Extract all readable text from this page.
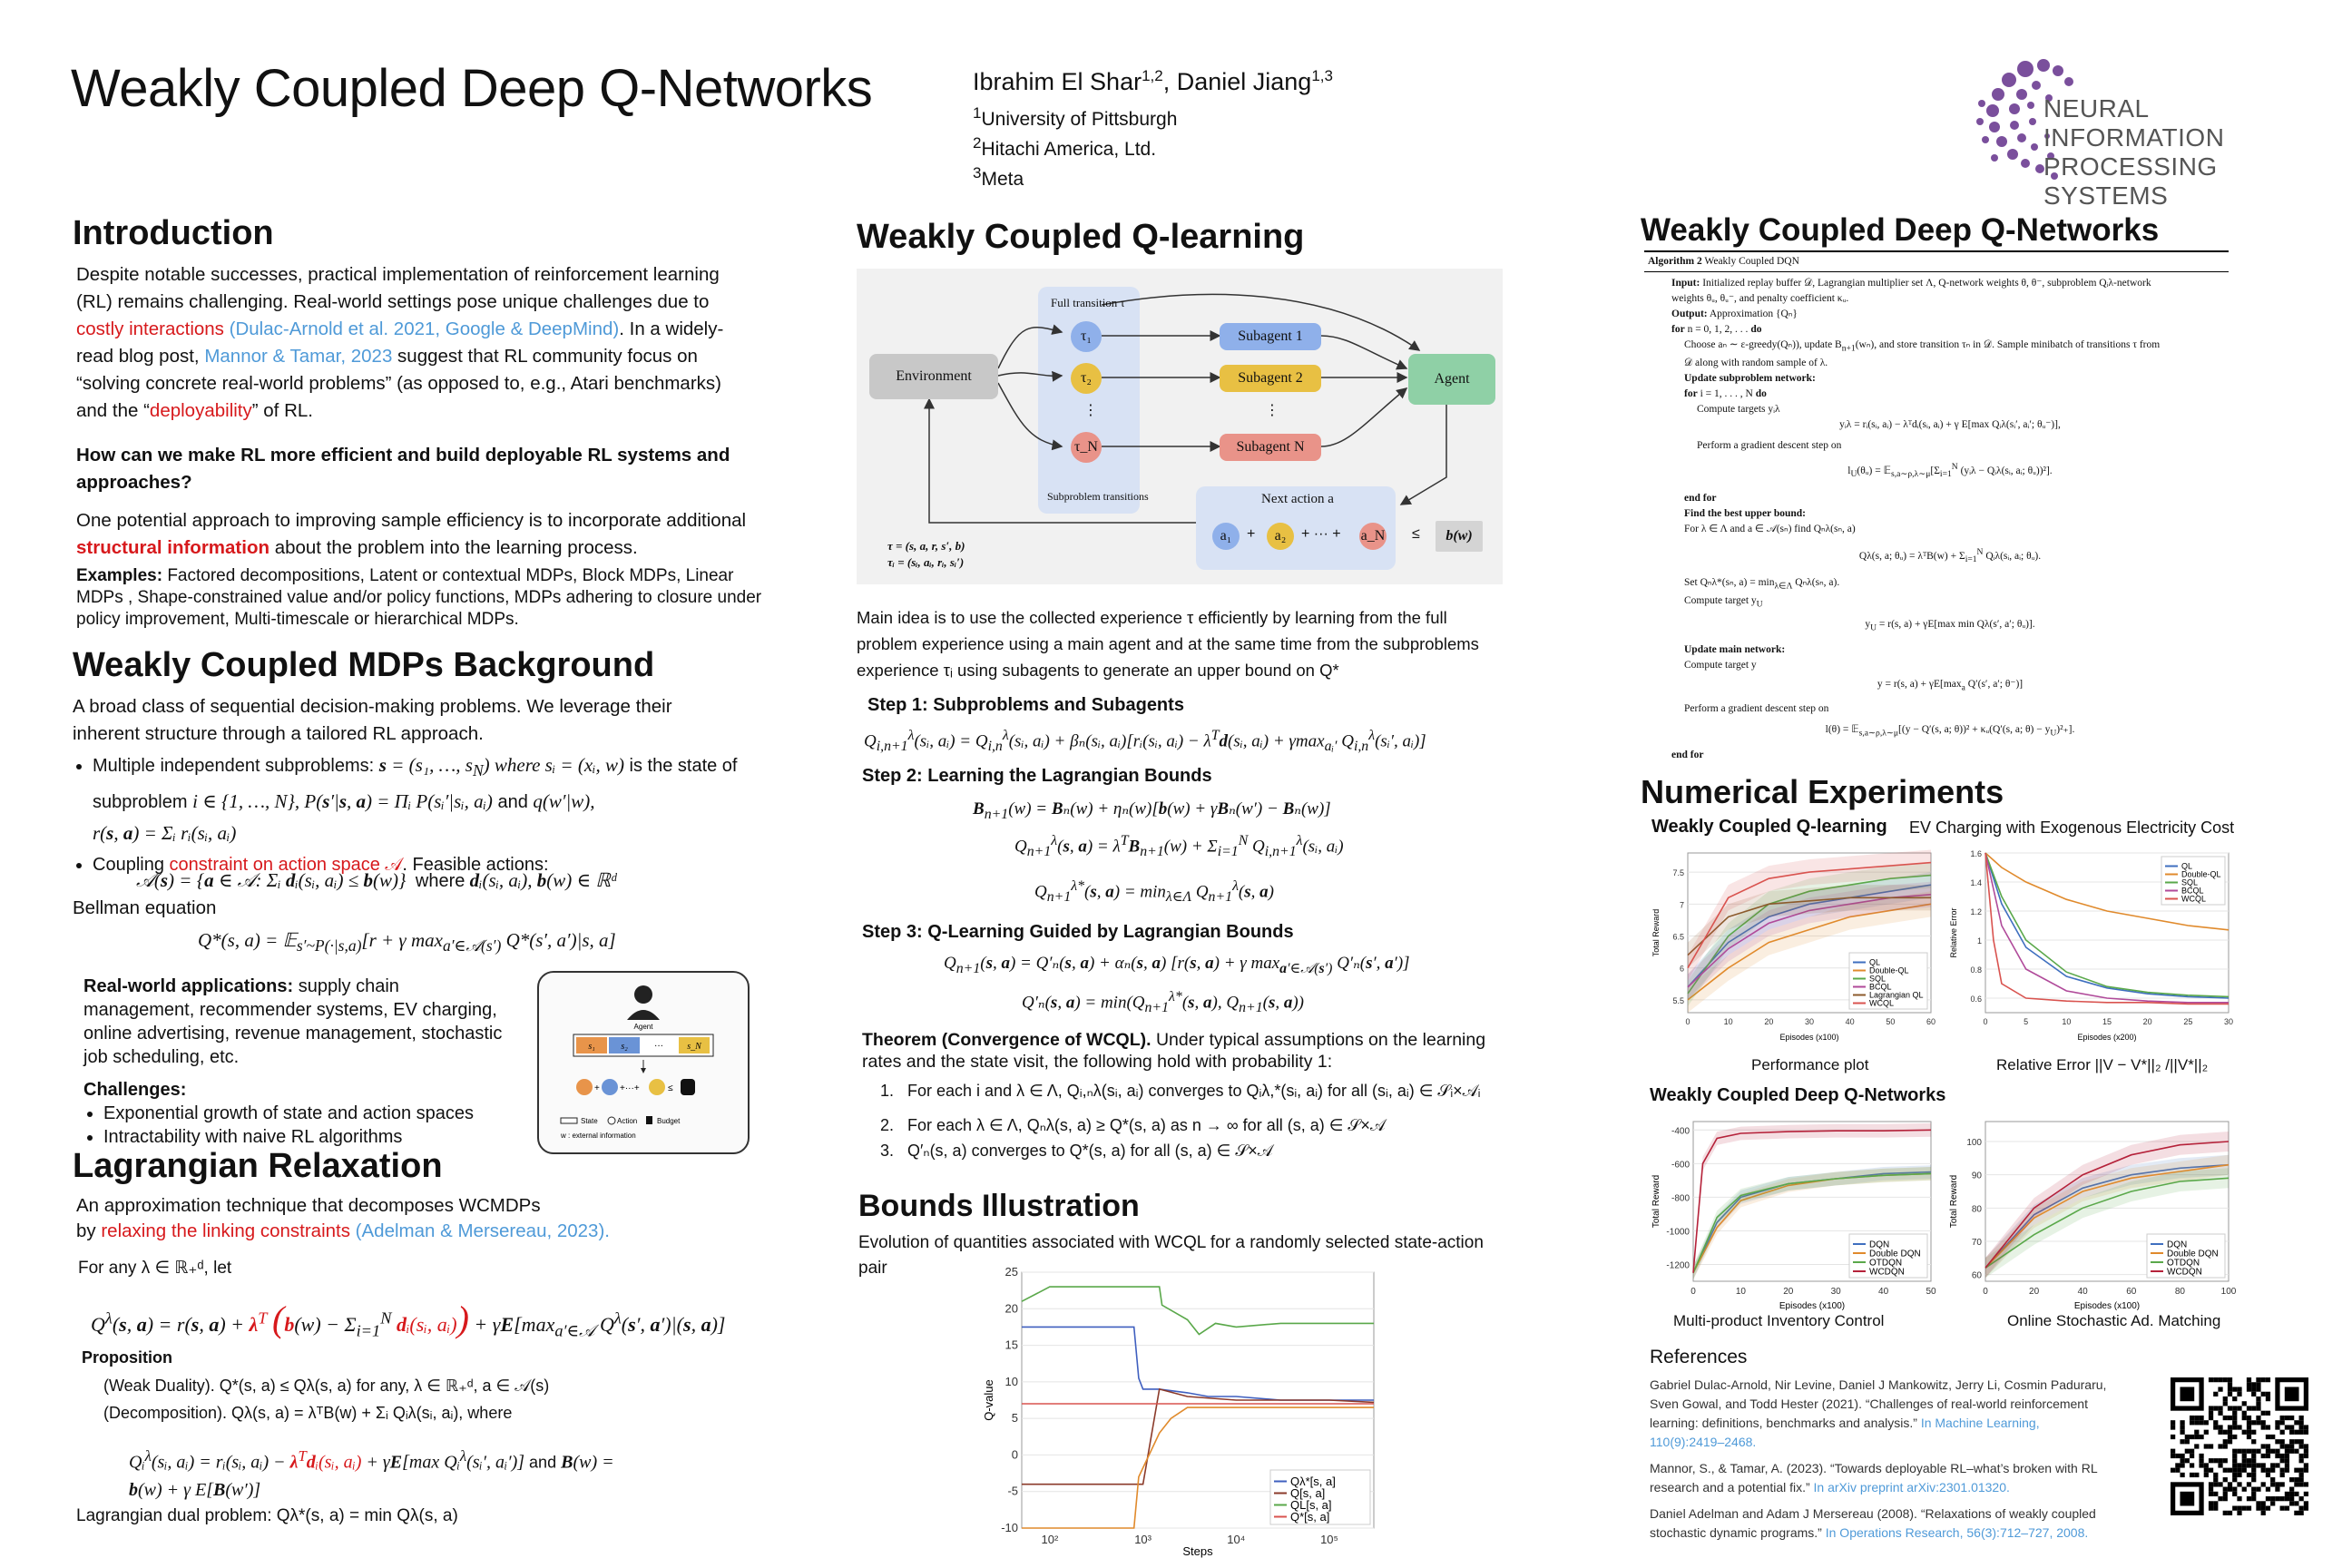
Weakly Coupled Deep Q-Networks	Ibrahim El Shar$^{1,2}$, Daniel Jiang$^{1,3}$
$^1$University of Pittsburgh
$^2$Hitachi America, Ltd.
$^3$Meta
NEURAL INFORMATION
PROCESSING SYSTEMS
Introduction
Despite notable successes, practical implementation of reinforcement learning (RL) remains challenging. Real-world settings pose unique challenges due to costly interactions (Dulac-Arnold et al. 2021, Google & DeepMind). In a widely-read blog post, Mannor & Tamar, 2023 suggest that RL community focus on “solving concrete real-world problems” (as opposed to, e.g., Atari benchmarks) and the “deployability” of RL.
How can we make RL more efficient and build deployable RL systems and approaches?
One potential approach to improving sample efficiency is to incorporate additional structural information about the problem into the learning process.
Examples: Factored decompositions, Latent or contextual MDPs, Block MDPs, Linear MDPs , Shape-constrained value and/or policy functions, MDPs adhering to closure under policy improvement, Multi-timescale or hierarchical MDPs.
Weakly Coupled MDPs Background
A broad class of sequential decision-making problems. We leverage their inherent structure through a tailored RL approach.
• Multiple independent subproblems: s = (s₁, …, $s_N$) where sᵢ = (xᵢ, w) is the state of subproblem i ∈ {1, …, N}, P(s′|s, a) = Πᵢ P(sᵢ′|sᵢ, aᵢ) and q(w′|w),
r(s, a) = Σᵢ rᵢ(sᵢ, aᵢ)
• Coupling constraint on action space 𝒜. Feasible actions:
𝒜(s) = {a ∈ 𝒜: Σᵢ dᵢ(sᵢ, aᵢ) ≤ b(w)}  where dᵢ(sᵢ, aᵢ), b(w) ∈ ℝᵈ
Bellman equation
Q*(s, a) = 𝔼$_{s'\sim P(\cdot|s,a)}$[r + γ $\max_{a'\in 𝒜(s')} Q*(s'$, a′)|s, a]
Real-world applications: supply chain management, recommender systems, EV charging, online advertising, revenue management, stochastic job scheduling, etc.
Challenges:
• Exponential growth of state and action spaces
• Intractability with naive RL algorithms
Agent
s₁	s₂	···	s_N
+ +···+	≤
State	Action	Budget
w : external information
Lagrangian Relaxation
An approximation technique that decomposes WCMDPs
by relaxing the linking constraints (Adelman & Mersereau, 2023).
For any λ ∈ ℝ₊ᵈ, let
$Q^\lambda(s$, a) = r(s, $a) + \lambda^T$ ($b(w) - \Sigma_{i=1}^N$ dᵢ(sᵢ, aᵢ)) + $\gamma E[\max_{a'\in 𝒜}$ $Q^\lambda(s'$, a′)|(s, a)]
Proposition
(Weak Duality). Q*(s, a) ≤ Qλ(s, a) for any, λ ∈ ℝ₊ᵈ, a ∈ 𝒜(s)
(Decomposition). Qλ(s, a) = λᵀB(w) + Σᵢ Qᵢλ(sᵢ, aᵢ), where
Qᵢ$^\lambda$(sᵢ, aᵢ) = rᵢ(sᵢ, aᵢ) − $\lambda^Tdᵢ(sᵢ$, aᵢ) + γE[max Qᵢ$^\lambda$(sᵢ′, aᵢ′)] and B(w) =
b(w) + γ E[B(w′)]
Lagrangian dual problem: Qλ*(s, a) = min Qλ(s, a)
Weakly Coupled Q-learning
Environment
Full transition τ
τ₁
τ₂
⋮
τ_N
Subproblem transitions
Subagent 1
Subagent 2
⋮
Subagent N
Agent
Next action a
a₁	+	a₂	+ ··· + a_N ≤	b(w)
τ = (s, a, r, s′, b)
τᵢ = (sᵢ, aᵢ, rᵢ, sᵢ′)
Main idea is to use the collected experience τ efficiently by learning from the full problem experience using a main agent and at the same time from the subproblems experience τᵢ using subagents to generate an upper bound on Q*
Step 1: Subproblems and Subagents
$Q_{i,n+1}^\lambda(sᵢ$, aᵢ) = $Q_{i,n}^\lambda(sᵢ$, aᵢ) + βₙ(sᵢ, aᵢ)[rᵢ(sᵢ, aᵢ) − $\lambda^Td(sᵢ$, aᵢ) + γmax$_{aᵢ'}$ $Q_{i,n}^\lambda(sᵢ'$, aᵢ)]
Step 2: Learning the Lagrangian Bounds
$B_{n+1}(w) = B_n(w) + \eta_n(w)[b(w) + \gamma B_n(w') - B_n(w)]$
$Q_{n+1}^\lambda(s$, $a) = \lambda^TB_{n+1}(w) + \Sigma_{i=1}^N$ $Q_{i,n+1}^\lambda(sᵢ$, aᵢ)
$Q_{n+1}^{\lambda*}(s$, $a) = \min_{\lambda\in\Lambda} Q_{n+1}^\lambda(s$, a)
Step 3: Q-Learning Guided by Lagrangian Bounds
$Q_{n+1}(s$, a) = Q′ₙ(s, a) + αₙ(s, a) [r(s, a) + γ $\max_{a'\in 𝒜(s')} Q'_n(s'$, a′)]
Q′ₙ(s, $a) = \min(Q_{n+1}^{\lambda*}(s$, a), $Q_{n+1}(s$, a))
Theorem (Convergence of WCQL). Under typical assumptions on the learning rates and the state visit, the following hold with probability 1:
1.   For each i and λ ∈ Λ, Qᵢ,ₙλ(sᵢ, aᵢ) converges to Qᵢλ,*(sᵢ, aᵢ) for all (sᵢ, aᵢ) ∈ 𝒮ᵢ×𝒜ᵢ
2.   For each λ ∈ Λ, Qₙλ(s, a) ≥ Q*(s, a) as n → ∞ for all (s, a) ∈ 𝒮×𝒜
3.   Q′ₙ(s, a) converges to Q*(s, a) for all (s, a) ∈ 𝒮×𝒜
Bounds Illustration
Evolution of quantities associated with WCQL for a randomly selected state-action pair
-10
-5
0
5
10
15
20
25
10²	10³	10⁴	10⁵
Steps
Q-value
Qλ*[s, a]
Q[s, a]
QL[s, a]
Q*[s, a]
Weakly Coupled Deep Q-Networks
Algorithm 2 Weakly Coupled DQN
Input: Initialized replay buffer 𝒟, Lagrangian multiplier set Λ, Q-network weights θ, θ⁻, subproblem Qᵢλ-network
weights θᵤ, θᵤ⁻, and penalty coefficient κᵤ.
Output: Approximation {Qₙ}
for n = 0, 1, 2, . . . do
Choose aₙ ∼ ε-greedy(Qₙ)), update $B_{n+1}(w_n)$, and store transition τₙ in 𝒟. Sample minibatch of transitions τ from
𝒟 along with random sample of λ.
Update subproblem network:
for i = 1, . . . , N do
Compute targets yᵢλ
yᵢλ = rᵢ(sᵢ, aᵢ) − λᵀdᵢ(sᵢ, aᵢ) + γ E[max Qᵢλ(sᵢ′, aᵢ′; θᵤ⁻)],
Perform a gradient descent step on
$l_U(\theta ᵤ)$ = $𝔼_{s,a\sim\rho,\lambda\sim\mu}[\Sigma_{i=1}^N$ (yᵢλ − Qᵢλ(sᵢ, aᵢ; θᵤ))²].
end for
Find the best upper bound:
For λ ∈ Λ and a ∈ 𝒜(sₙ) find Qₙλ(sₙ, a)
Qλ(s, a; θᵤ) = λᵀB(w) + $\Sigma_{i=1}^N$ Qᵢλ(sᵢ, aᵢ; θᵤ).
Set Qₙλ*(sₙ, $a) = \min_{\lambda\in\Lambda} Q_n\lambda(s_n$, a).
Compute target $y_U$
$y_U = r(s$, a) + γE[max min Qλ(s′, a′; θᵤ)].
Update main network:
Compute target y
y = r(s, $a) + \gamma E[\max_a$ Q′(s′, a′; θ⁻)]
Perform a gradient descent step on
l(θ) = 𝔼$_{s,a\sim\rho,\lambda\sim\mu}$[(y − Q′(s, a; θ))² + κᵤ(Q′(s, a; $\theta) - y_U)^2_+$].
end for
Numerical Experiments
Weakly Coupled Q-learning EV Charging with Exogenous Electricity Cost
5.5
6
6.5
7
7.5
0	10	20	30	40	50	60
Episodes (x100)
Total Reward
QL
Double-QL
SQL
BCQL
Lagrangian QL
WCQL	0.6
0.8
1
1.2
1.4
1.6
0	5	10	15	20	25	30
Episodes (x200)
Relative Error
QL
Double-QL
SQL
BCQL
WCQL
Performance plot	Relative Error ||V − V*||₂ /||V*||₂
Weakly Coupled Deep Q-Networks
-1200
-1000
-800
-600
-400
0	10	20	30	40	50
Episodes (x100)
Total Reward
DQN
Double DQN
OTDQN
WCDQN	60
70
80
90
100
0	20	40	60	80	100
Episodes (x100)
Total Reward
DQN
Double DQN
OTDQN
WCDQN
Multi-product Inventory Control	Online Stochastic Ad. Matching
References
Gabriel Dulac-Arnold, Nir Levine, Daniel J Mankowitz, Jerry Li, Cosmin Paduraru, Sven Gowal, and Todd Hester (2021). “Challenges of real-world reinforcement learning: definitions, benchmarks and analysis.” In Machine Learning, 110(9):2419–2468.
Mannor, S., & Tamar, A. (2023). “Towards deployable RL–what’s broken with RL research and a potential fix.” In arXiv preprint arXiv:2301.01320.
Daniel Adelman and Adam J Mersereau (2008). “Relaxations of weakly coupled stochastic dynamic programs.” In Operations Research, 56(3):712–727, 2008.
